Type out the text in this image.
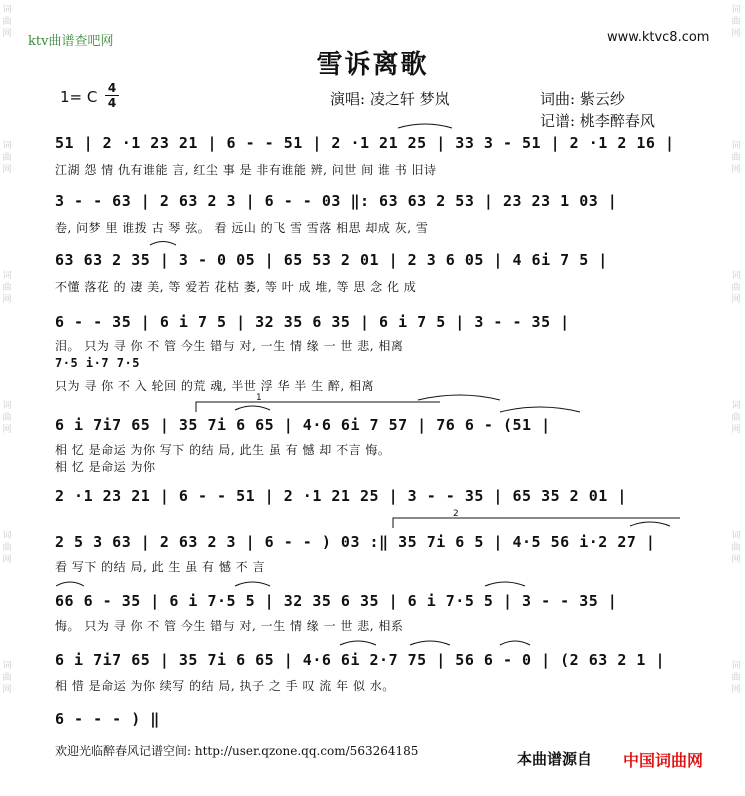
ktv曲谱查吧网	www.ktvc8.com
雪诉离歌
1= C 4
4	演唱: 凌之轩 梦岚	词曲: 紫云纱
记谱: 桃李醉春风
词曲网
词曲网
词曲网
词曲网
词曲网
词曲网
词曲网
词曲网
词曲网
词曲网
词曲网
词曲网
51 | 2 ·1 23 21 | 6 - - 51 | 2 ·1 21 25 | 33 3 - 51 | 2 ·1 2 16 |
江湖 怨 情 仇有谁能 言, 红尘 事 是 非有谁能 辨, 问世 间 谁 书 旧诗
3 - - 63 | 2 63 2 3 | 6 - - 03 ‖: 63 63 2 53 | 23 23 1 03 |
卷, 问梦 里 谁拨 古 琴 弦。 看 远山 的飞 雪 雪落 相思 却成 灰, 雪
63 63 2 35 | 3 - 0 05 | 65 53 2 01 | 2 3 6 05 | 4 6i 7 5 |
不懂 落花 的 凄 美, 等 爱若 花枯 萎, 等 叶 成 堆, 等 思 念 化 成
6 - - 35 | 6 i 7 5 | 32 35 6 35 | 6 i 7 5 | 3 - - 35 |
泪。 只为 寻 你 不 管 今生 错与 对, 一生 情 缘 一 世 悲, 相离
7·5 i·7 7·5
只为 寻 你 不 入 轮回 的荒 魂, 半世 浮 华 半 生 醉, 相离
6 i 7i7 65 | 35 7i 6 65 | 4·6 6i 7 57 | 76 6 - (51 |
相 忆 是命运 为你 写下 的结 局, 此生 虽 有 憾 却 不言 悔。
相 忆 是命运 为你
2 ·1 23 21 | 6 - - 51 | 2 ·1 21 25 | 3 - - 35 | 65 35 2 01 |
2 5 3 63 | 2 63 2 3 | 6 - - ) 03 :‖ 35 7i 6 5 | 4·5 56 i·2 27 |
看 写下 的结 局, 此 生 虽 有 憾 不 言
66 6 - 35 | 6 i 7·5 5 | 32 35 6 35 | 6 i 7·5 5 | 3 - - 35 |
悔。 只为 寻 你 不 管 今生 错与 对, 一生 情 缘 一 世 悲, 相系
6 i 7i7 65 | 35 7i 6 65 | 4·6 6i 2·7 75 | 56 6 - 0 | (2 63 2 1 |
相 惜 是命运 为你 续写 的结 局, 执子 之 手 叹 流 年 似 水。
6 - - - ) ‖
1
2
欢迎光临醉春风记谱空间: http://user.qzone.qq.com/563264185	本曲谱源自 中国词曲网
